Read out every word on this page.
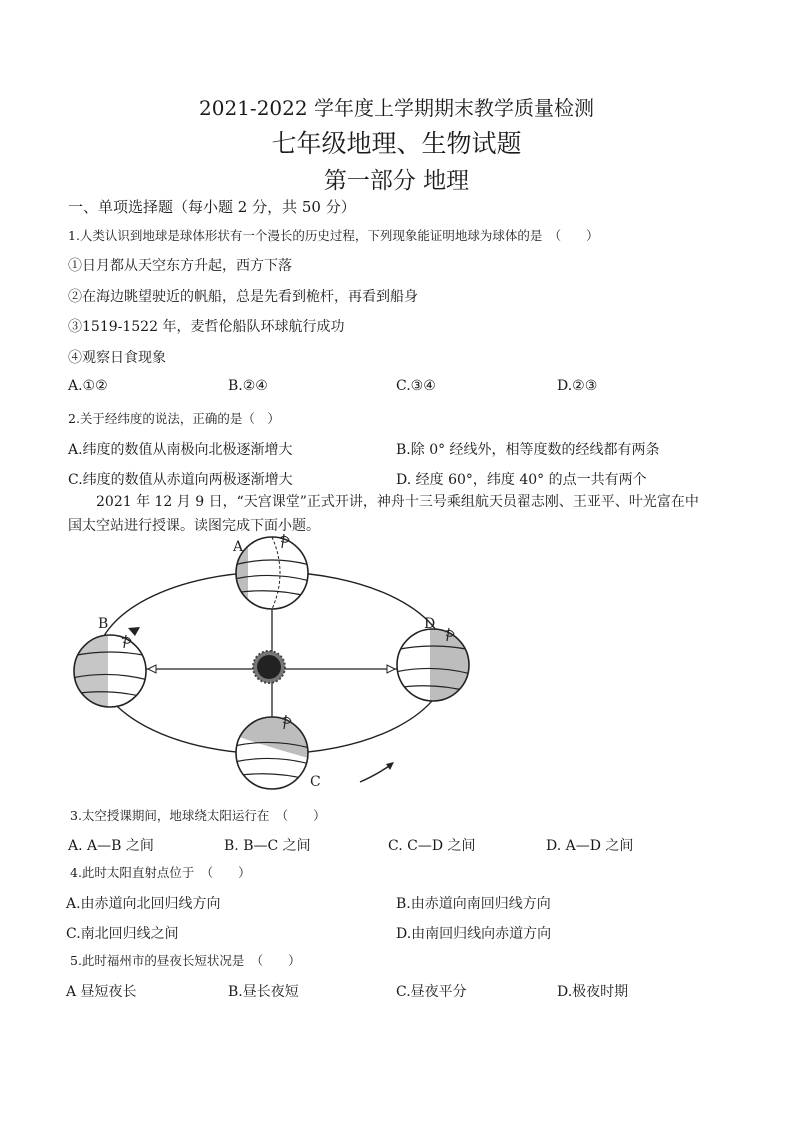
2021-2022 学年度上学期期末教学质量检测
七年级地理、生物试题
第一部分 地理
一、单项选择题（每小题 2 分，共 50 分）
1.人类认识到地球是球体形状有一个漫长的历史过程，下列现象能证明地球为球体的是　（　　）
①日月都从天空东方升起，西方下落
②在海边眺望驶近的帆船，总是先看到桅杆，再看到船身
③1519-1522 年，麦哲伦船队环球航行成功
④观察日食现象
A.①②	B.②④	C.③④	D.②③
2.关于经纬度的说法，正确的是（　）
A.纬度的数值从南极向北极逐渐增大	B.除 0° 经线外，相等度数的经线都有两条
C.纬度的数值从赤道向两极逐渐增大	D. 经度 60°，纬度 40° 的点一共有两个
2021 年 12 月 9 日，“天宫课堂”正式开讲，神舟十三号乘组航天员翟志刚、王亚平、叶光富在中
国太空站进行授课。读图完成下面小题。
A
B
C
D
3.太空授课期间，地球绕太阳运行在　（　　）
A. A—B 之间	B. B—C 之间	C. C—D 之间	D. A—D 之间
4.此时太阳直射点位于　（　　）
A.由赤道向北回归线方向	B.由赤道向南回归线方向
C.南北回归线之间	D.由南回归线向赤道方向
5.此时福州市的昼夜长短状况是　（　　）
A 昼短夜长	B.昼长夜短	C.昼夜平分	D.极夜时期
